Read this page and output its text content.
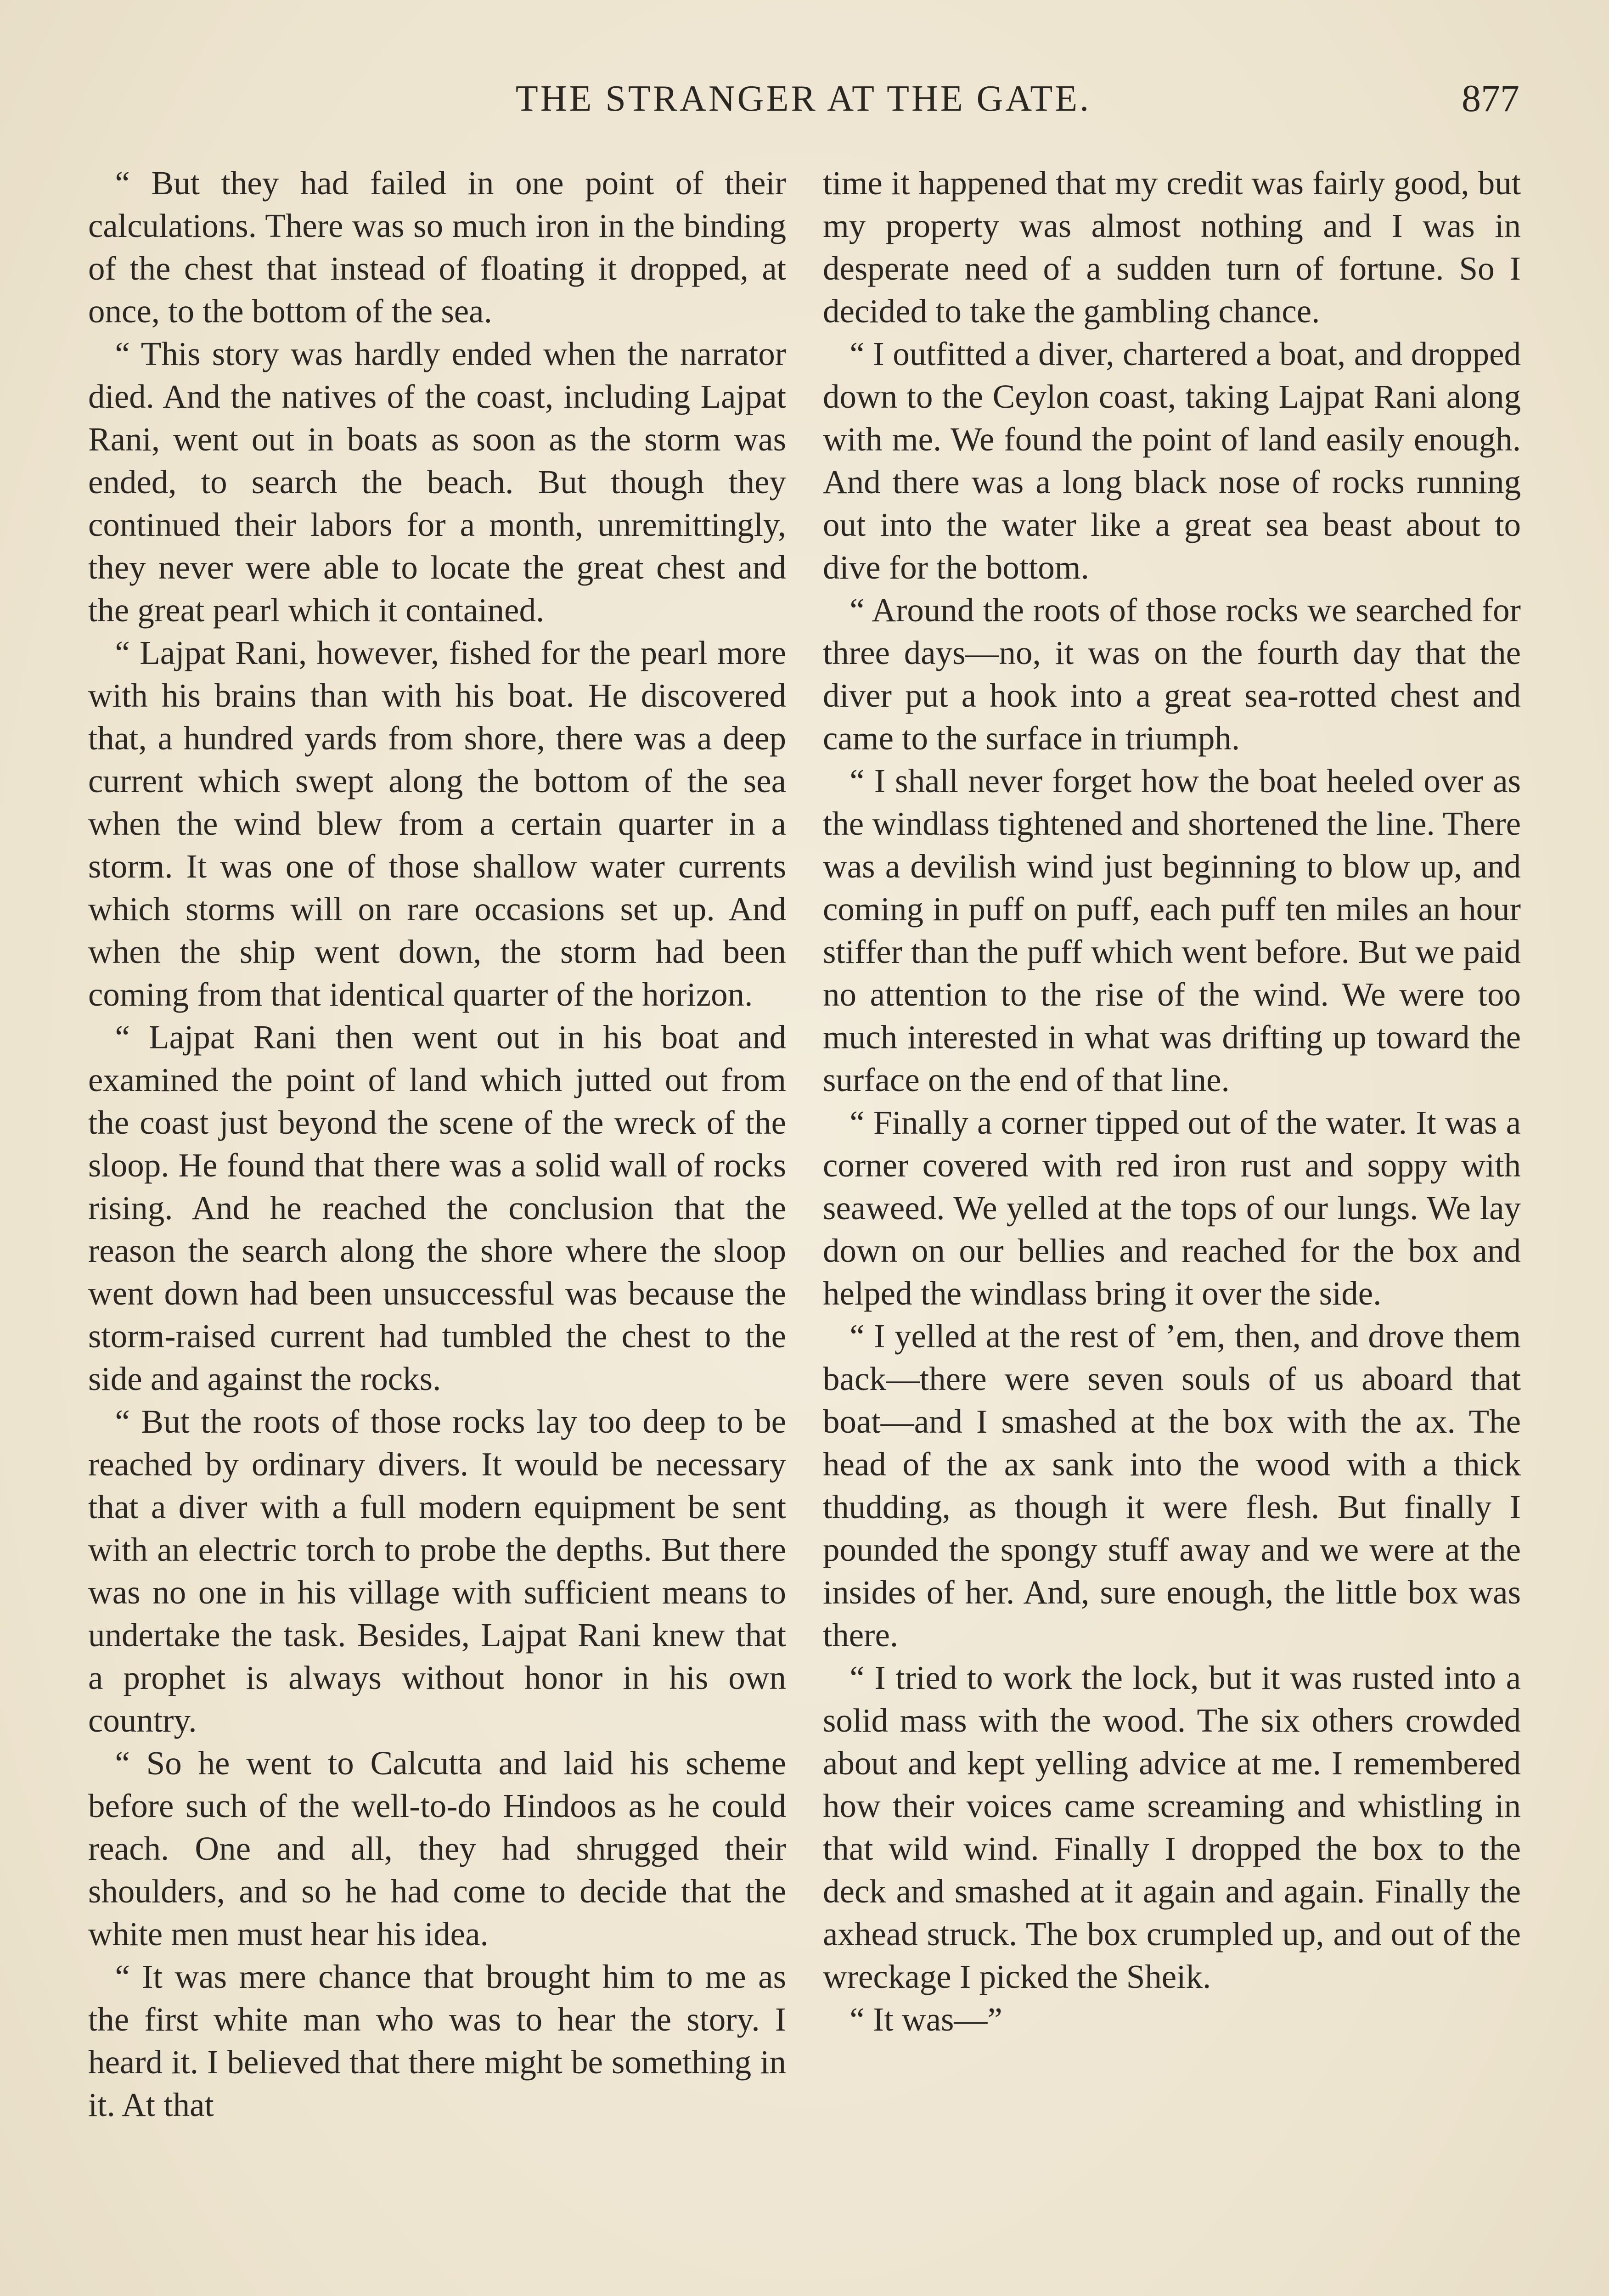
THE STRANGER AT THE GATE.	877

“ But they had failed in one point of their calculations. There was so much iron in the binding of the chest that instead of floating it dropped, at once, to the bottom of the sea.

“ This story was hardly ended when the narrator died. And the natives of the coast, including Lajpat Rani, went out in boats as soon as the storm was ended, to search the beach. But though they continued their labors for a month, unremittingly, they never were able to locate the great chest and the great pearl which it contained.

“ Lajpat Rani, however, fished for the pearl more with his brains than with his boat. He discovered that, a hundred yards from shore, there was a deep current which swept along the bottom of the sea when the wind blew from a certain quarter in a storm. It was one of those shallow water currents which storms will on rare occasions set up. And when the ship went down, the storm had been coming from that identical quarter of the horizon.

“ Lajpat Rani then went out in his boat and examined the point of land which jutted out from the coast just beyond the scene of the wreck of the sloop. He found that there was a solid wall of rocks rising. And he reached the conclusion that the reason the search along the shore where the sloop went down had been unsuccessful was because the storm-raised current had tumbled the chest to the side and against the rocks.

“ But the roots of those rocks lay too deep to be reached by ordinary divers. It would be necessary that a diver with a full modern equipment be sent with an electric torch to probe the depths. But there was no one in his village with sufficient means to undertake the task. Besides, Lajpat Rani knew that a prophet is always without honor in his own country.

“ So he went to Calcutta and laid his scheme before such of the well-to-do Hindoos as he could reach. One and all, they had shrugged their shoulders, and so he had come to decide that the white men must hear his idea.

“ It was mere chance that brought him to me as the first white man who was to hear the story. I heard it. I believed that there might be something in it. At that

time it happened that my credit was fairly good, but my property was almost nothing and I was in desperate need of a sudden turn of fortune. So I decided to take the gambling chance.

“ I outfitted a diver, chartered a boat, and dropped down to the Ceylon coast, taking Lajpat Rani along with me. We found the point of land easily enough. And there was a long black nose of rocks running out into the water like a great sea beast about to dive for the bottom.

“ Around the roots of those rocks we searched for three days—no, it was on the fourth day that the diver put a hook into a great sea-rotted chest and came to the surface in triumph.

“ I shall never forget how the boat heeled over as the windlass tightened and shortened the line. There was a devilish wind just beginning to blow up, and coming in puff on puff, each puff ten miles an hour stiffer than the puff which went before. But we paid no attention to the rise of the wind. We were too much interested in what was drifting up toward the surface on the end of that line.

“ Finally a corner tipped out of the water. It was a corner covered with red iron rust and soppy with seaweed. We yelled at the tops of our lungs. We lay down on our bellies and reached for the box and helped the windlass bring it over the side.

“ I yelled at the rest of ’em, then, and drove them back—there were seven souls of us aboard that boat—and I smashed at the box with the ax. The head of the ax sank into the wood with a thick thudding, as though it were flesh. But finally I pounded the spongy stuff away and we were at the insides of her. And, sure enough, the little box was there.

“ I tried to work the lock, but it was rusted into a solid mass with the wood. The six others crowded about and kept yelling advice at me. I remembered how their voices came screaming and whistling in that wild wind. Finally I dropped the box to the deck and smashed at it again and again. Finally the axhead struck. The box crumpled up, and out of the wreckage I picked the Sheik.

“ It was—”
